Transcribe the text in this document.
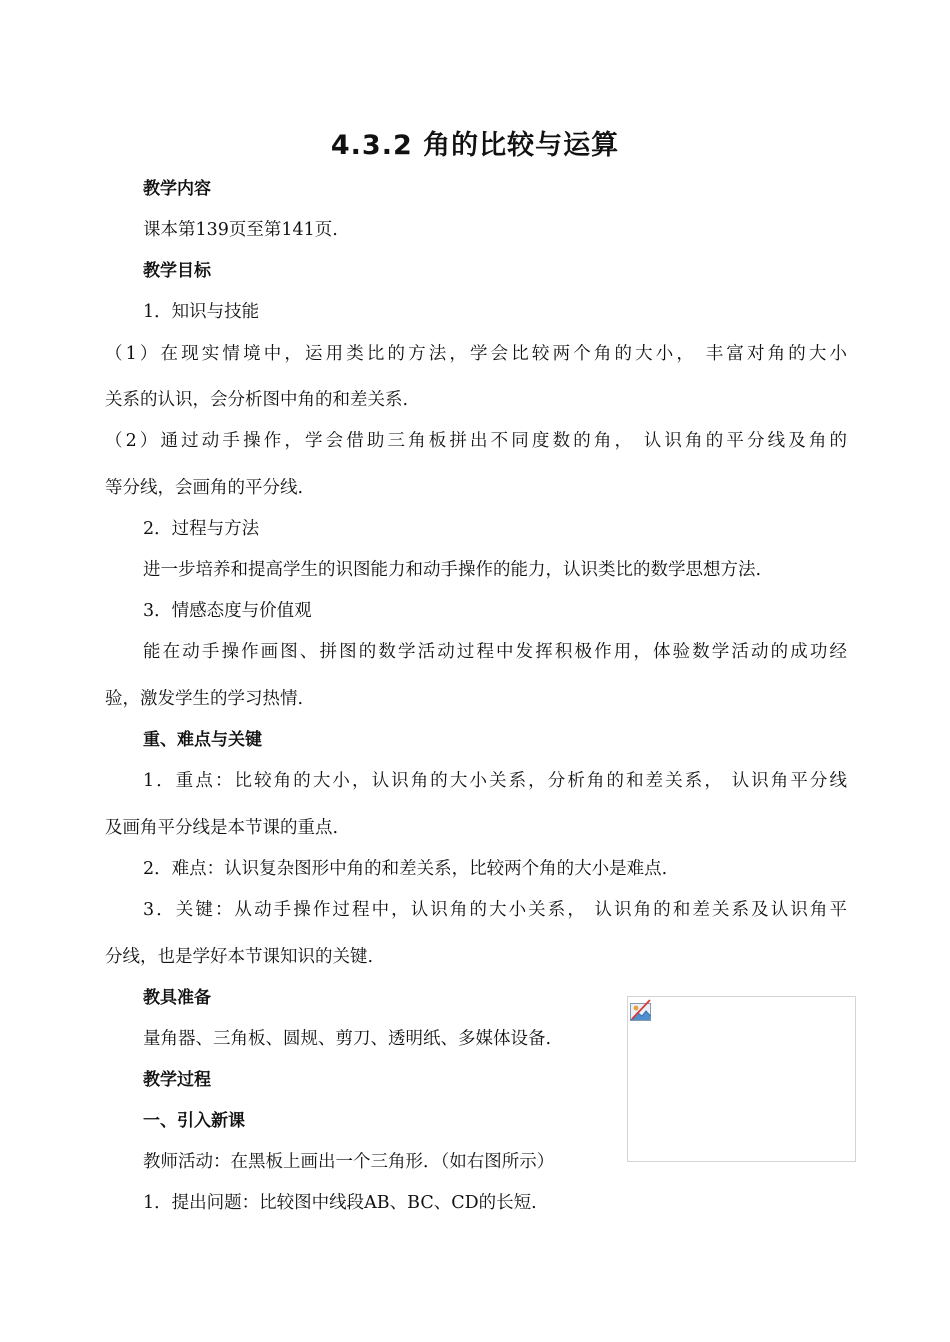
4.3.2 角的比较与运算
教学内容
课本第139页至第141页.
教学目标
1．知识与技能
（1）在现实情境中，运用类比的方法，学会比较两个角的大小， 丰富对角的大小
关系的认识，会分析图中角的和差关系.
（2）通过动手操作，学会借助三角板拼出不同度数的角， 认识角的平分线及角的
等分线，会画角的平分线.
2．过程与方法
进一步培养和提高学生的识图能力和动手操作的能力，认识类比的数学思想方法.
3．情感态度与价值观
能在动手操作画图、拼图的数学活动过程中发挥积极作用，体验数学活动的成功经
验，激发学生的学习热情.
重、难点与关键
1．重点：比较角的大小，认识角的大小关系，分析角的和差关系， 认识角平分线
及画角平分线是本节课的重点.
2．难点：认识复杂图形中角的和差关系，比较两个角的大小是难点.
3．关键：从动手操作过程中，认识角的大小关系， 认识角的和差关系及认识角平
分线，也是学好本节课知识的关键.
教具准备
量角器、三角板、圆规、剪刀、透明纸、多媒体设备.
教学过程
一、引入新课
教师活动：在黑板上画出一个三角形．（如右图所示）
1．提出问题：比较图中线段AB、BC、CD的长短.
